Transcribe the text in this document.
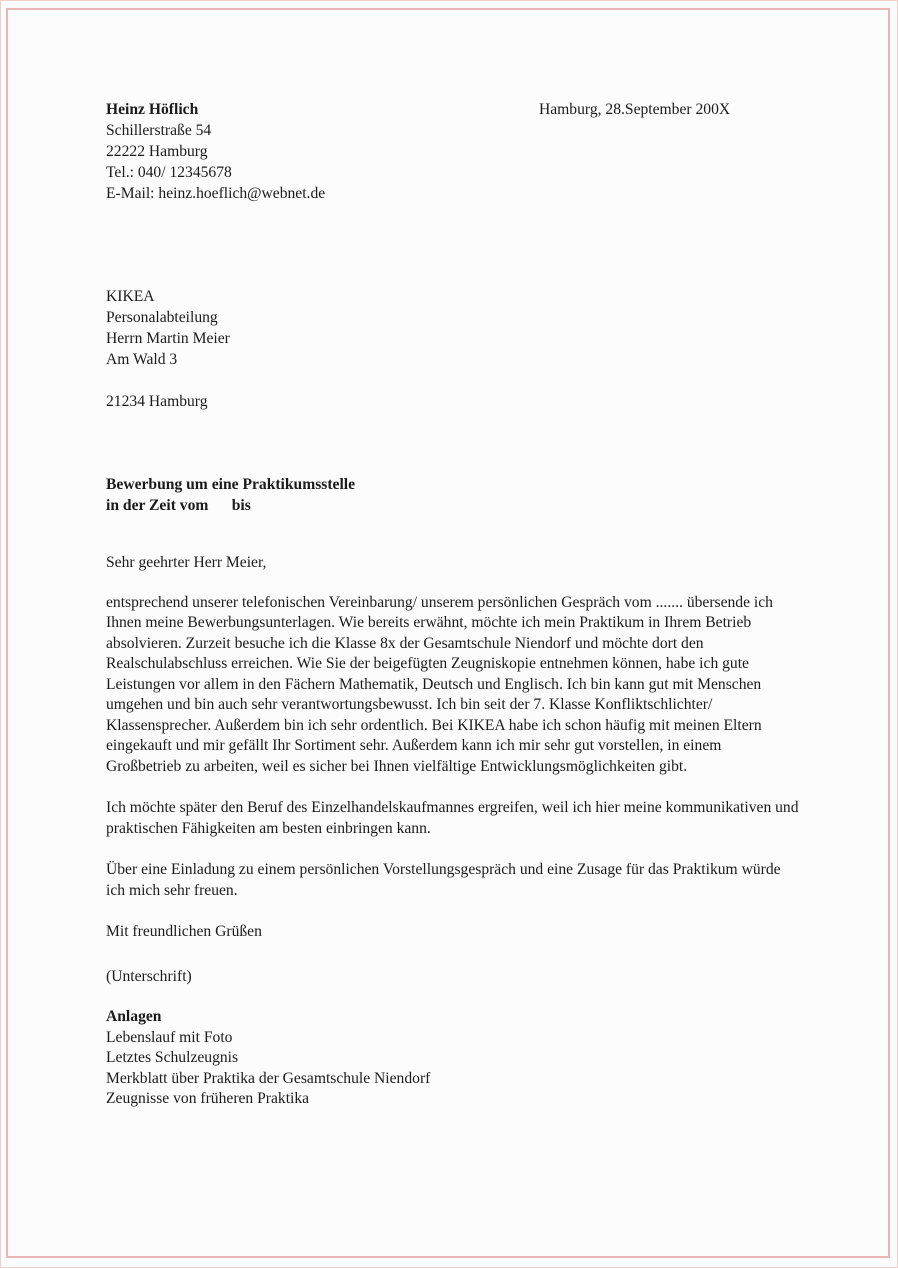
Heinz Höflich
Schillerstraße 54
22222 Hamburg
Tel.: 040/ 12345678
E-Mail: heinz.hoeflich@webnet.de
Hamburg, 28.September 200X
KIKEA
Personalabteilung
Herrn Martin Meier
Am Wald 3
21234 Hamburg
Bewerbung um eine Praktikumsstelle
in der Zeit vom      bis
Sehr geehrter Herr Meier,

entsprechend unserer telefonischen Vereinbarung/ unserem persönlichen Gespräch vom ....... übersende ich Ihnen meine Bewerbungsunterlagen. Wie bereits erwähnt, möchte ich mein Praktikum in Ihrem Betrieb absolvieren. Zurzeit besuche ich die Klasse 8x der Gesamtschule Niendorf und möchte dort den Realschulabschluss erreichen. Wie Sie der beigefügten Zeugniskopie entnehmen können, habe ich gute Leistungen vor allem in den Fächern Mathematik, Deutsch und Englisch. Ich bin kann gut mit Menschen umgehen und bin auch sehr verantwortungsbewusst. Ich bin seit der 7. Klasse Konfliktschlichter/ Klassensprecher. Außerdem bin ich sehr ordentlich. Bei KIKEA habe ich schon häufig mit meinen Eltern eingekauft und mir gefällt Ihr Sortiment sehr. Außerdem kann ich mir sehr gut vorstellen, in einem Großbetrieb zu arbeiten, weil es sicher bei Ihnen vielfältige Entwicklungsmöglichkeiten gibt.

Ich möchte später den Beruf des Einzelhandelskaufmannes ergreifen, weil ich hier meine kommunikativen und praktischen Fähigkeiten am besten einbringen kann.

Über eine Einladung zu einem persönlichen Vorstellungsgespräch und eine Zusage für das Praktikum würde ich mich sehr freuen.

Mit freundlichen Grüßen
(Unterschrift)
Anlagen
Lebenslauf mit Foto
Letztes Schulzeugnis
Merkblatt über Praktika der Gesamtschule Niendorf
Zeugnisse von früheren Praktika
